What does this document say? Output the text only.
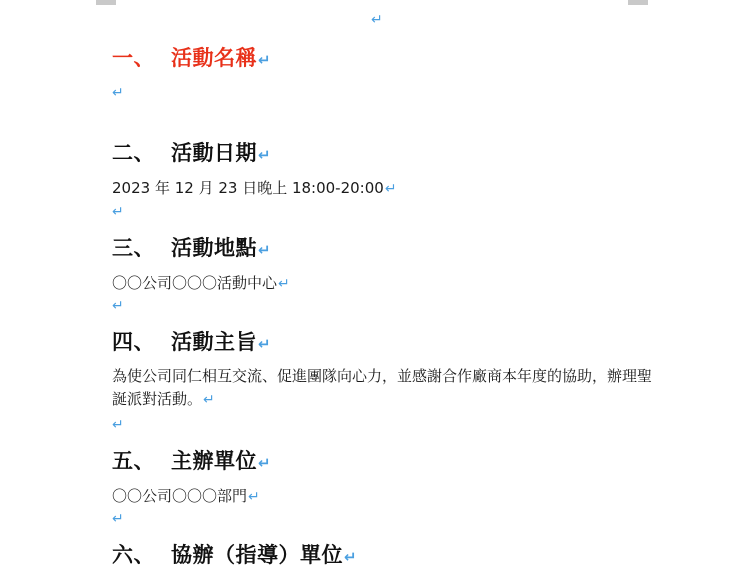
↵
一、 活動名稱↵
↵
二、 活動日期↵
2023 年 12 月 23 日晚上 18:00-20:00↵
↵
三、 活動地點↵
〇〇公司〇〇〇活動中心↵
↵
四、 活動主旨↵
為使公司同仁相互交流、促進團隊向心力，並感謝合作廠商本年度的協助，辦理聖誕派對活動。↵
↵
五、 主辦單位↵
〇〇公司〇〇〇部門↵
↵
六、 協辦（指導）單位↵
